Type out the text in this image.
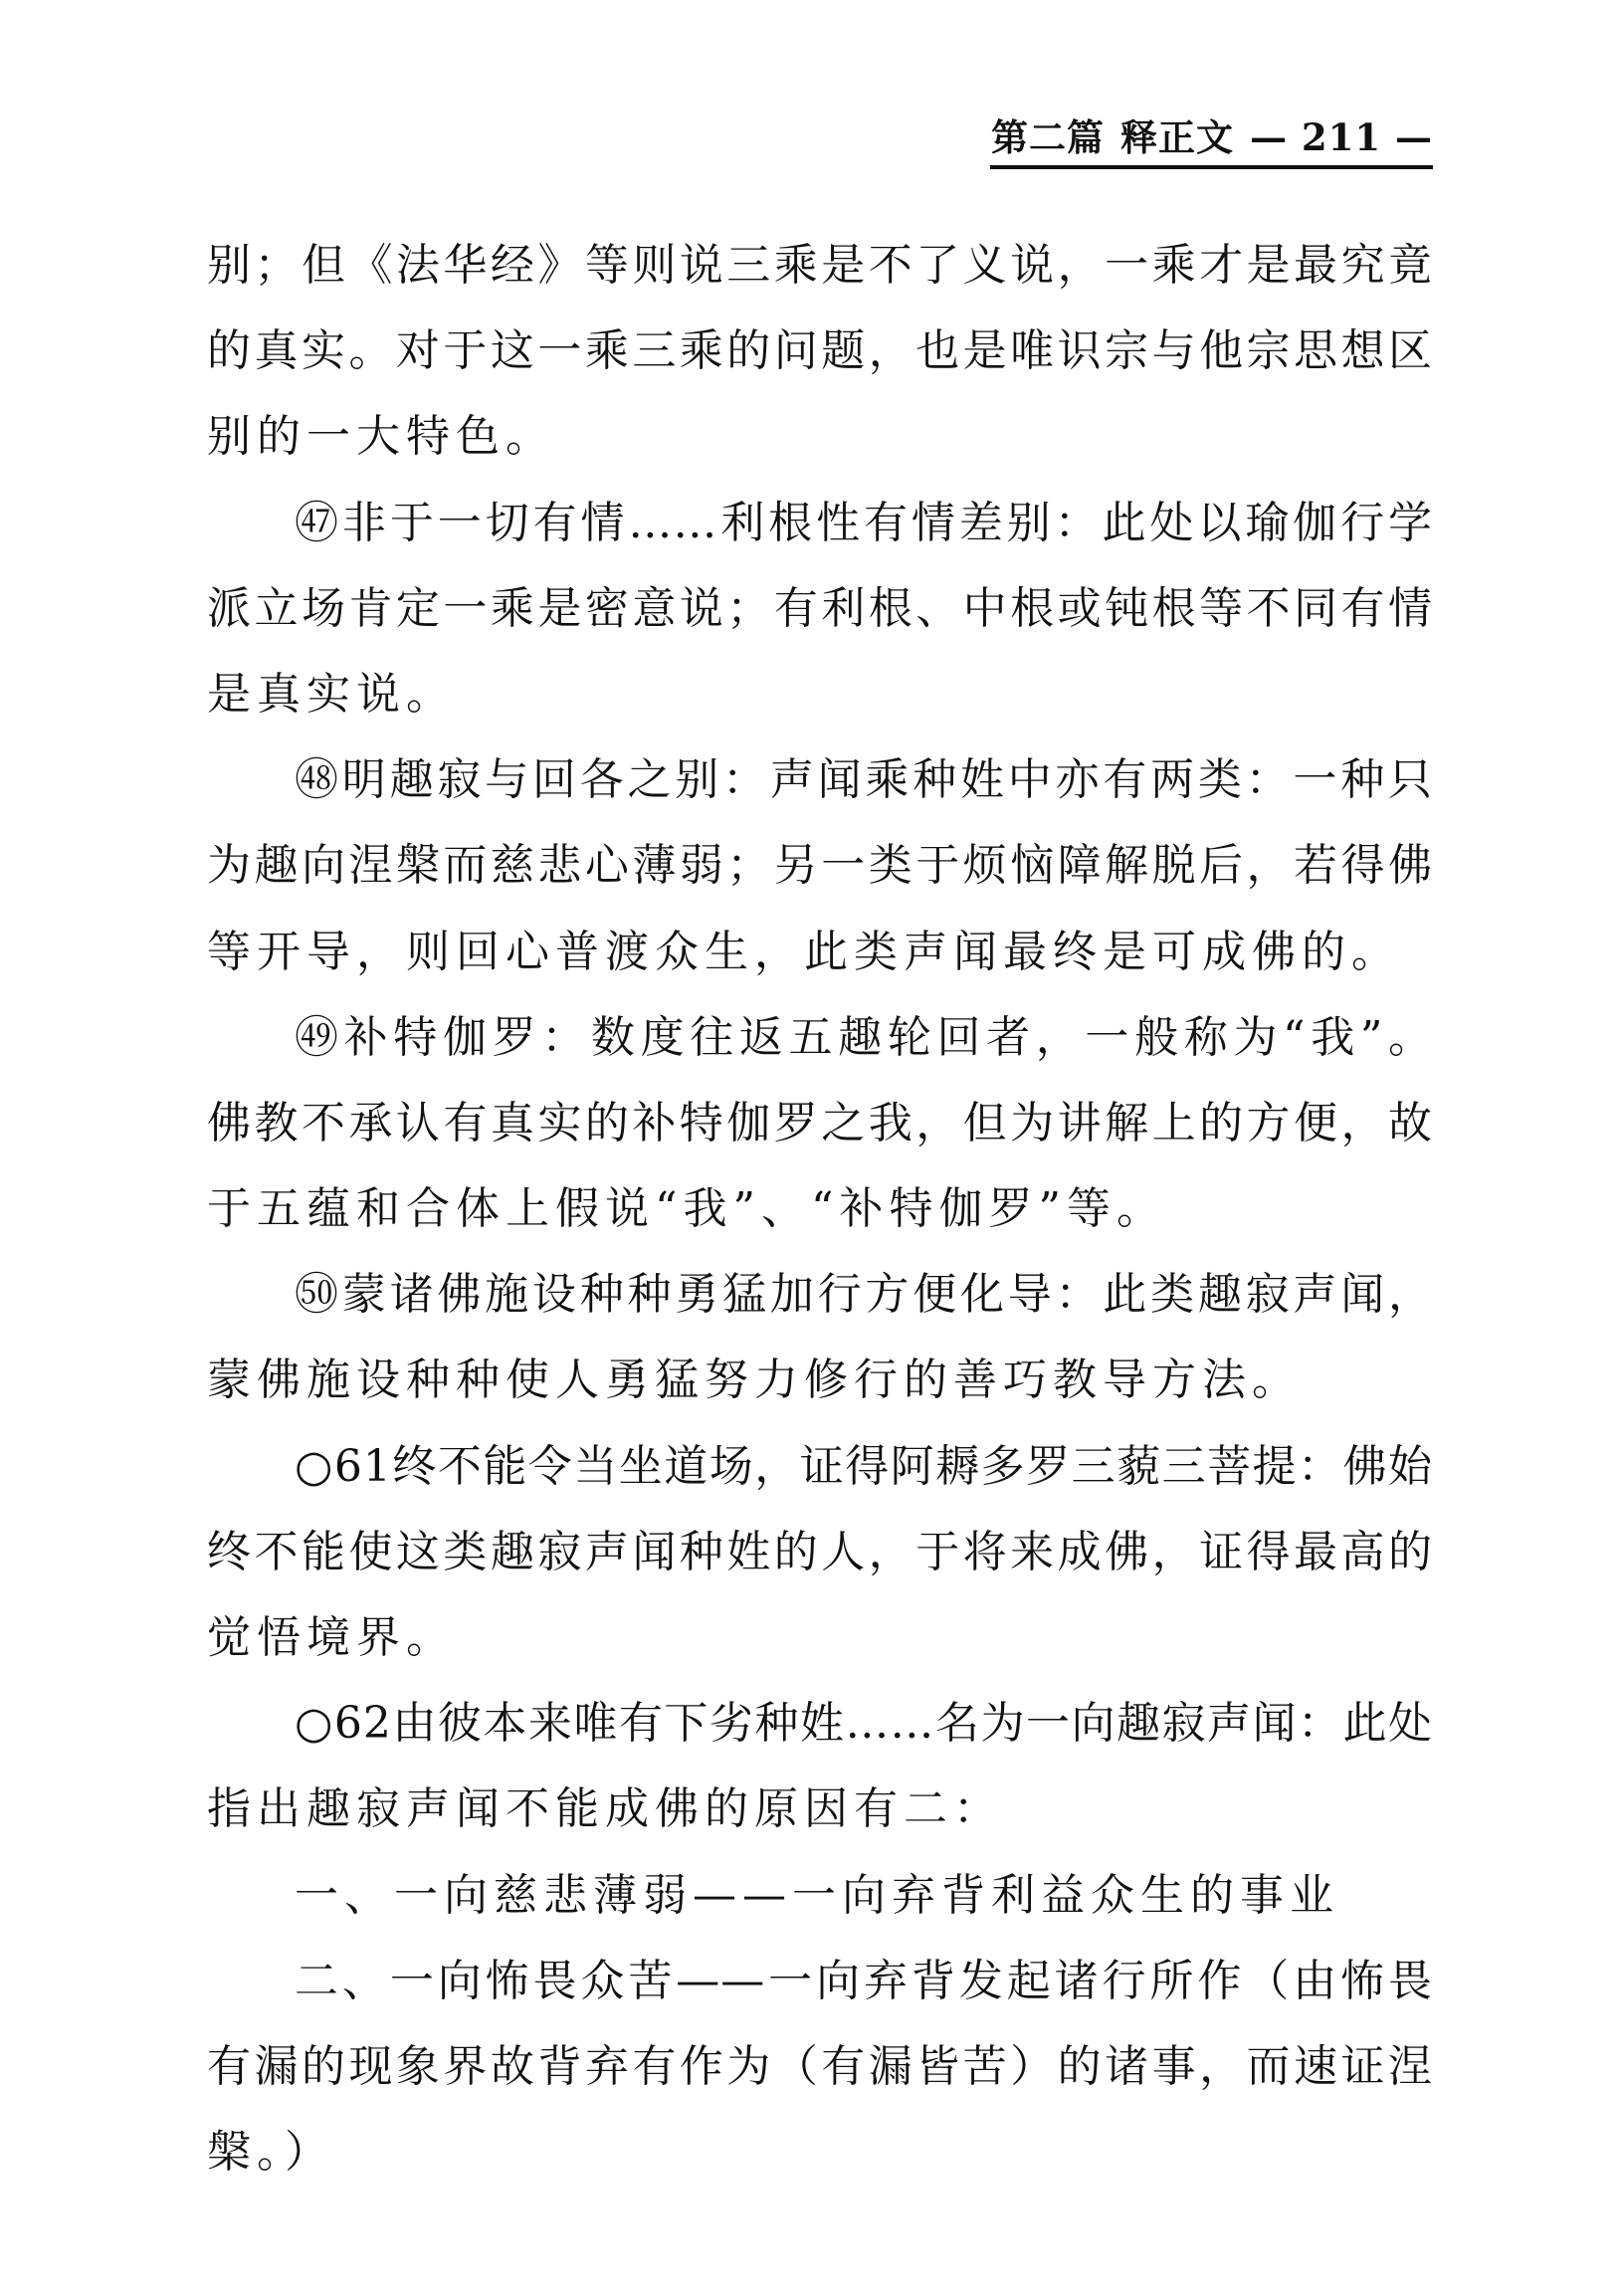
第二篇 释正文 — 211 —
别；但《法华经》等则说三乘是不了义说，一乘才是最究竟
的真实。对于这一乘三乘的问题，也是唯识宗与他宗思想区
别的一大特色。
㊼非于一切有情……利根性有情差别：此处以瑜伽行学
派立场肯定一乘是密意说；有利根、中根或钝根等不同有情
是真实说。
㊽明趣寂与回各之别：声闻乘种姓中亦有两类：一种只
为趣向涅槃而慈悲心薄弱；另一类于烦恼障解脱后，若得佛
等开导，则回心普渡众生，此类声闻最终是可成佛的。
㊾补特伽罗：数度往返五趣轮回者，一般称为“我”。
佛教不承认有真实的补特伽罗之我，但为讲解上的方便，故
于五蕴和合体上假说“我”、“补特伽罗”等。
㊿蒙诸佛施设种种勇猛加行方便化导：此类趣寂声闻，
蒙佛施设种种使人勇猛努力修行的善巧教导方法。
○61终不能令当坐道场，证得阿耨多罗三藐三菩提：佛始
终不能使这类趣寂声闻种姓的人，于将来成佛，证得最高的
觉悟境界。
○62由彼本来唯有下劣种姓……名为一向趣寂声闻：此处
指出趣寂声闻不能成佛的原因有二：
一、一向慈悲薄弱——一向弃背利益众生的事业
二、一向怖畏众苦——一向弃背发起诸行所作（由怖畏
有漏的现象界故背弃有作为（有漏皆苦）的诸事，而速证涅
槃。）
